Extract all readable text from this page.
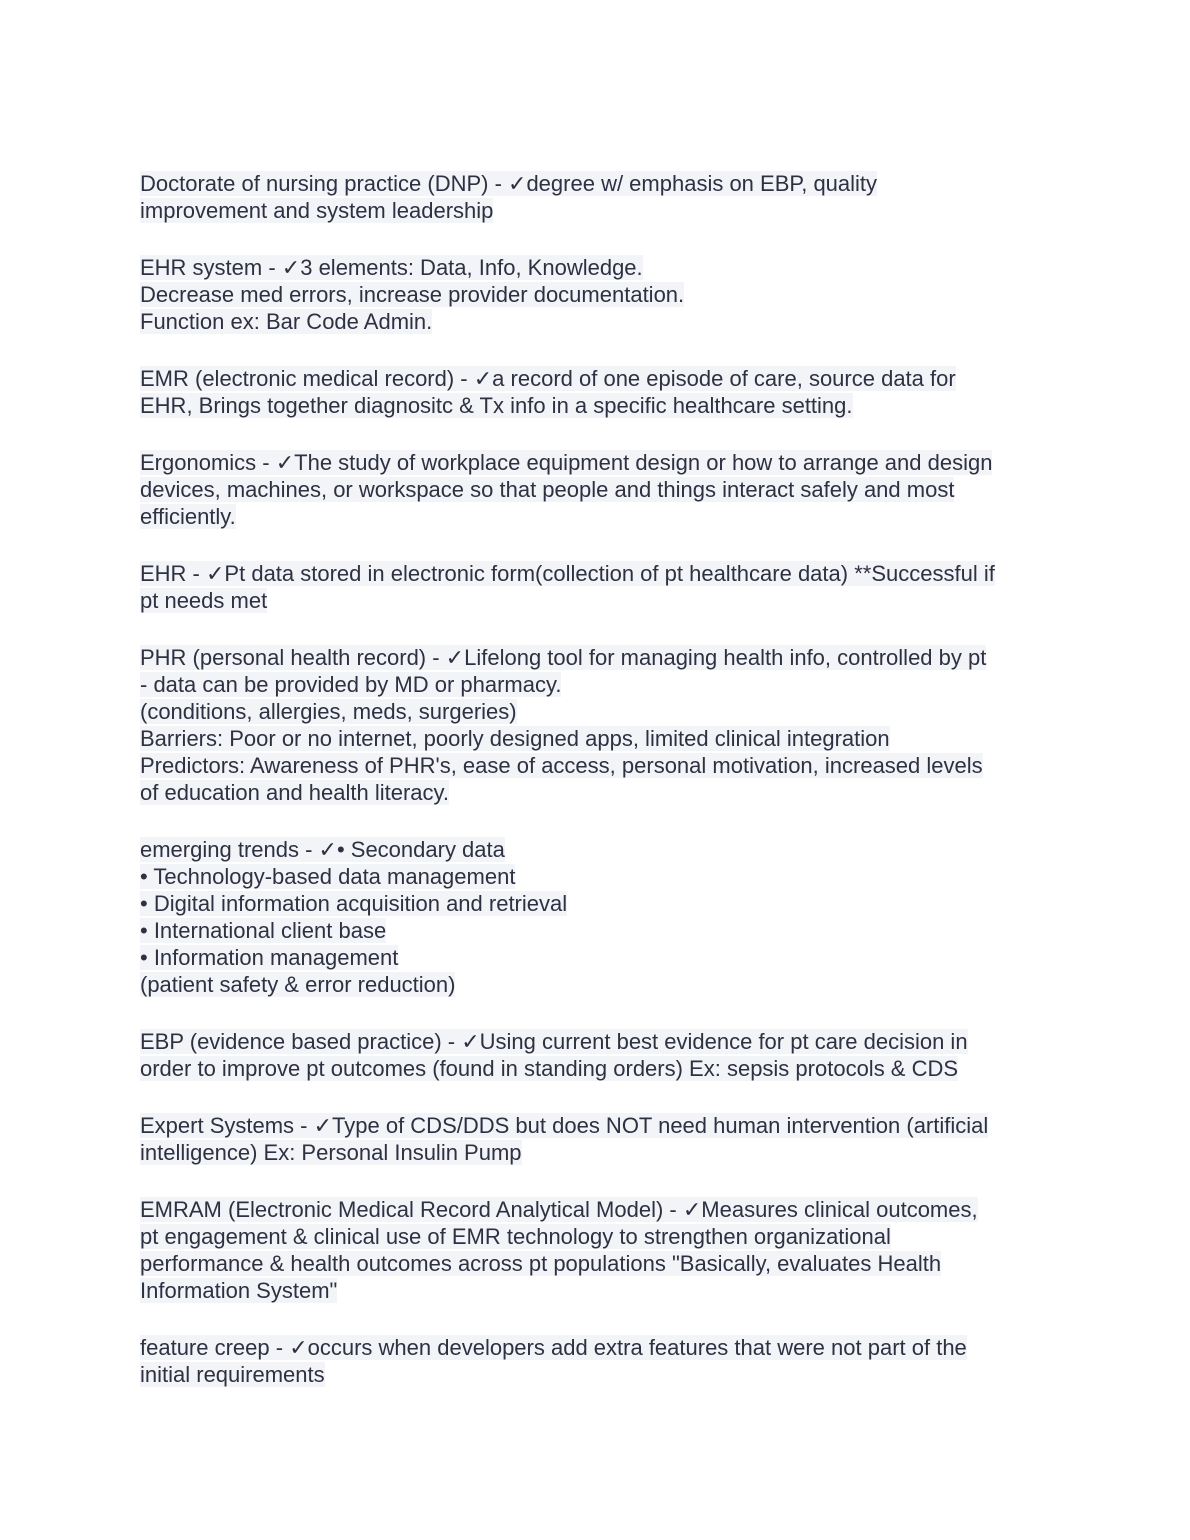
Doctorate of nursing practice (DNP) - ✓degree w/ emphasis on EBP, quality
improvement and system leadership
EHR system - ✓3 elements: Data, Info, Knowledge.
Decrease med errors, increase provider documentation.
Function ex: Bar Code Admin.
EMR (electronic medical record) - ✓a record of one episode of care, source data for
EHR, Brings together diagnositc & Tx info in a specific healthcare setting.
Ergonomics - ✓The study of workplace equipment design or how to arrange and design
devices, machines, or workspace so that people and things interact safely and most
efficiently.
EHR - ✓Pt data stored in electronic form(collection of pt healthcare data) **Successful if
pt needs met
PHR (personal health record) - ✓Lifelong tool for managing health info, controlled by pt
- data can be provided by MD or pharmacy.
(conditions, allergies, meds, surgeries)
Barriers: Poor or no internet, poorly designed apps, limited clinical integration
Predictors: Awareness of PHR's, ease of access, personal motivation, increased levels
of education and health literacy.
emerging trends - ✓• Secondary data
• Technology-based data management
• Digital information acquisition and retrieval
• International client base
• Information management
(patient safety & error reduction)
EBP (evidence based practice) - ✓Using current best evidence for pt care decision in
order to improve pt outcomes (found in standing orders) Ex: sepsis protocols & CDS
Expert Systems - ✓Type of CDS/DDS but does NOT need human intervention (artificial
intelligence) Ex: Personal Insulin Pump
EMRAM (Electronic Medical Record Analytical Model) - ✓Measures clinical outcomes,
pt engagement & clinical use of EMR technology to strengthen organizational
performance & health outcomes across pt populations "Basically, evaluates Health
Information System"
feature creep - ✓occurs when developers add extra features that were not part of the
initial requirements
